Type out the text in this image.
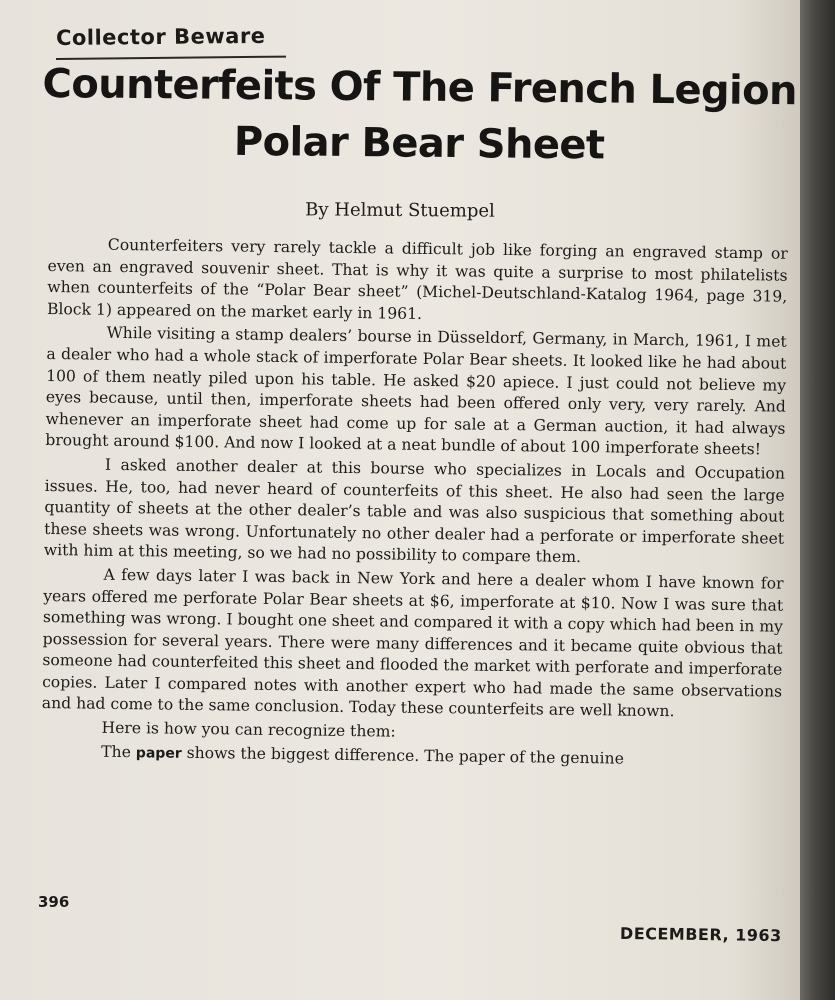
Collector Beware
Counterfeits Of The French Legion Polar Bear Sheet
By Helmut Stuempel

Counterfeiters very rarely tackle a difficult job like forging an engraved stamp or even an engraved souvenir sheet. That is why it was quite a surprise to most philatelists when counterfeits of the “Polar Bear sheet” (Michel-Deutschland-Katalog 1964, page 319, Block 1) appeared on the market early in 1961.

While visiting a stamp dealers’ bourse in Düsseldorf, Germany, in March, 1961, I met a dealer who had a whole stack of imperforate Polar Bear sheets. It looked like he had about 100 of them neatly piled upon his table. He asked $20 apiece. I just could not believe my eyes because, until then, imperforate sheets had been offered only very, very rarely. And whenever an imperforate sheet had come up for sale at a German auction, it had always brought around $100. And now I looked at a neat bundle of about 100 imperforate sheets!

I asked another dealer at this bourse who specializes in Locals and Occupation issues. He, too, had never heard of counterfeits of this sheet. He also had seen the large quantity of sheets at the other dealer’s table and was also suspicious that something about these sheets was wrong. Unfortunately no other dealer had a perforate or imperforate sheet with him at this meeting, so we had no possibility to compare them.

A few days later I was back in New York and here a dealer whom I have known for years offered me perforate Polar Bear sheets at $6, imperforate at $10. Now I was sure that something was wrong. I bought one sheet and compared it with a copy which had been in my possession for several years. There were many differences and it became quite obvious that someone had counterfeited this sheet and flooded the market with perforate and imperforate copies. Later I compared notes with another expert who had made the same observations and had come to the same conclusion. Today these counterfeits are well known.

Here is how you can recognize them:

The paper shows the biggest difference. The paper of the genuine

396
DECEMBER, 1963
